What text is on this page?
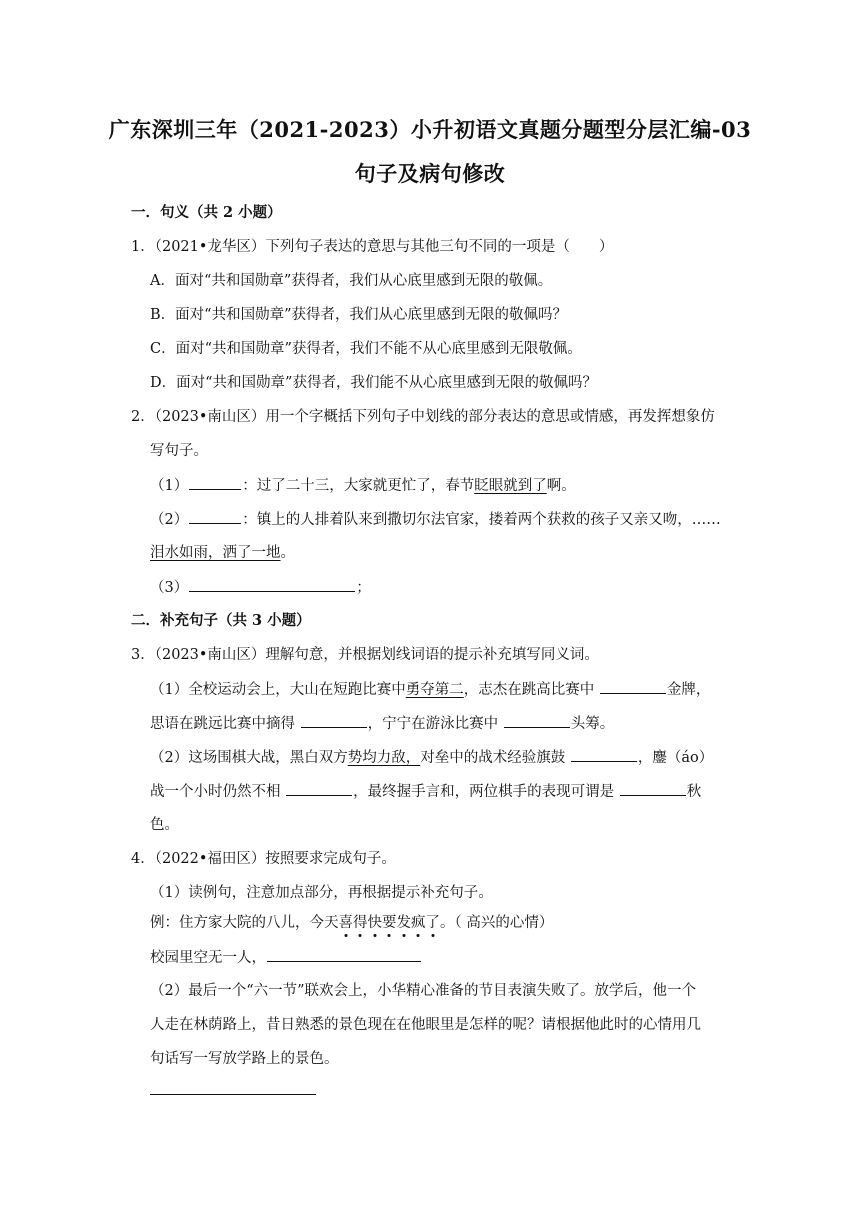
广东深圳三年（2021-2023）小升初语文真题分题型分层汇编-03
句子及病句修改
一．句义（共 2 小题）
1．（2021•龙华区）下列句子表达的意思与其他三句不同的一项是（　　）
A．面对“共和国勋章”获得者，我们从心底里感到无限的敬佩。
B．面对“共和国勋章”获得者，我们从心底里感到无限的敬佩吗？
C．面对“共和国勋章”获得者，我们不能不从心底里感到无限敬佩。
D．面对“共和国勋章”获得者，我们能不从心底里感到无限的敬佩吗？
2．（2023•南山区）用一个字概括下列句子中划线的部分表达的意思或情感，再发挥想象仿
写句子。
（1）	：过了二十三，大家就更忙了，春节眨眼就到了啊。
（2）	：镇上的人排着队来到撒切尔法官家，搂着两个获救的孩子又亲又吻，……
泪水如雨，洒了一地。
（3）	；
二．补充句子（共 3 小题）
3．（2023•南山区）理解句意，并根据划线词语的提示补充填写同义词。
（1）全校运动会上，大山在短跑比赛中勇夺第二，志杰在跳高比赛中	金牌，
思语在跳远比赛中摘得	，宁宁在游泳比赛中	头筹。
（2）这场围棋大战，黑白双方势均力敌，对垒中的战术经验旗鼓	，鏖（áo）
战一个小时仍然不相	，最终握手言和，两位棋手的表现可谓是	秋
色。
4．（2022•福田区）按照要求完成句子。
（1）读例句，注意加点部分，再根据提示补充句子。
例：住方家大院的八儿，今天喜得快要发疯了。（ 高兴的心情）
校园里空无一人，
（2）最后一个“六一节”联欢会上，小华精心准备的节目表演失败了。放学后，他一个
人走在林荫路上，昔日熟悉的景色现在在他眼里是怎样的呢？请根据他此时的心情用几
句话写一写放学路上的景色。
